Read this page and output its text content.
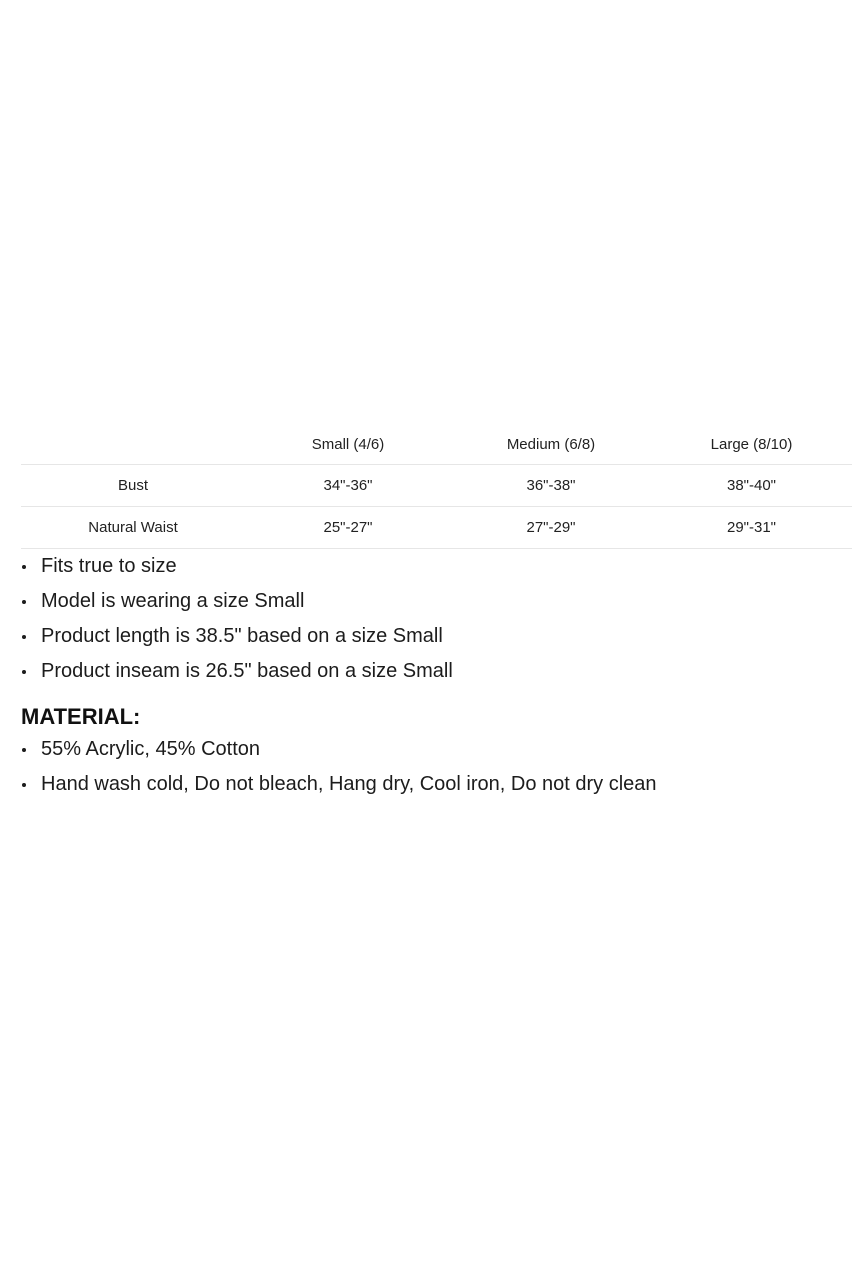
	Small (4/6)	Medium (6/8)	Large (8/10)
Bust	34"-36"	36"-38"	38"-40"
Natural Waist	25"-27"	27"-29"	29"-31"
Fits true to size
Model is wearing a size Small
Product length is 38.5" based on a size Small
Product inseam is 26.5" based on a size Small
MATERIAL:
55% Acrylic, 45% Cotton
Hand wash cold, Do not bleach, Hang dry, Cool iron, Do not dry clean
